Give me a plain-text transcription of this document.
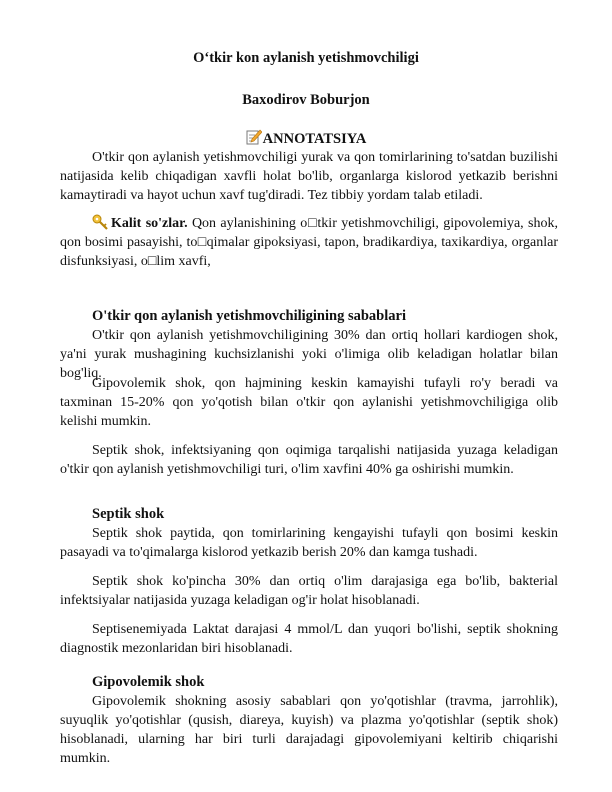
O‘tkir kon aylanish yetishmovchiligi
Baxodirov Boburjon
ANNOTATSIYA

O'tkir qon aylanish yetishmovchiligi yurak va qon tomirlarining to'satdan buzilishi natijasida kelib chiqadigan xavfli holat bo'lib, organlarga kislorod yetkazib berishni kamaytiradi va hayot uchun xavf tug'diradi. Tez tibbiy yordam talab etiladi.

Kalit so'zlar. Qon aylanishining o□tkir yetishmovchiligi, gipovolemiya, shok, qon bosimi pasayishi, to□qimalar gipoksiyasi, tapon, bradikardiya, taxikardiya, organlar disfunksiyasi, o□lim xavfi,

O'tkir qon aylanish yetishmovchiligining sabablari

O'tkir qon aylanish yetishmovchiligining 30% dan ortiq hollari kardiogen shok, ya'ni yurak mushagining kuchsizlanishi yoki o'limiga olib keladigan holatlar bilan bog'liq.

Gipovolemik shok, qon hajmining keskin kamayishi tufayli ro'y beradi va taxminan 15-20% qon yo'qotish bilan o'tkir qon aylanishi yetishmovchiligiga olib kelishi mumkin.

Septik shok, infektsiyaning qon oqimiga tarqalishi natijasida yuzaga keladigan o'tkir qon aylanish yetishmovchiligi turi, o'lim xavfini 40% ga oshirishi mumkin.

Septik shok

Septik shok paytida, qon tomirlarining kengayishi tufayli qon bosimi keskin pasayadi va to'qimalarga kislorod yetkazib berish 20% dan kamga tushadi.

Septik shok ko'pincha 30% dan ortiq o'lim darajasiga ega bo'lib, bakterial infektsiyalar natijasida yuzaga keladigan og'ir holat hisoblanadi.

Septisenemiyada Laktat darajasi 4 mmol/L dan yuqori bo'lishi, septik shokning diagnostik mezonlaridan biri hisoblanadi.

Gipovolemik shok

Gipovolemik shokning asosiy sabablari qon yo'qotishlar (travma, jarrohlik), suyuqlik yo'qotishlar (qusish, diareya, kuyish) va plazma yo'qotishlar (septik shok) hisoblanadi, ularning har biri turli darajadagi gipovolemiyani keltirib chiqarishi mumkin.
